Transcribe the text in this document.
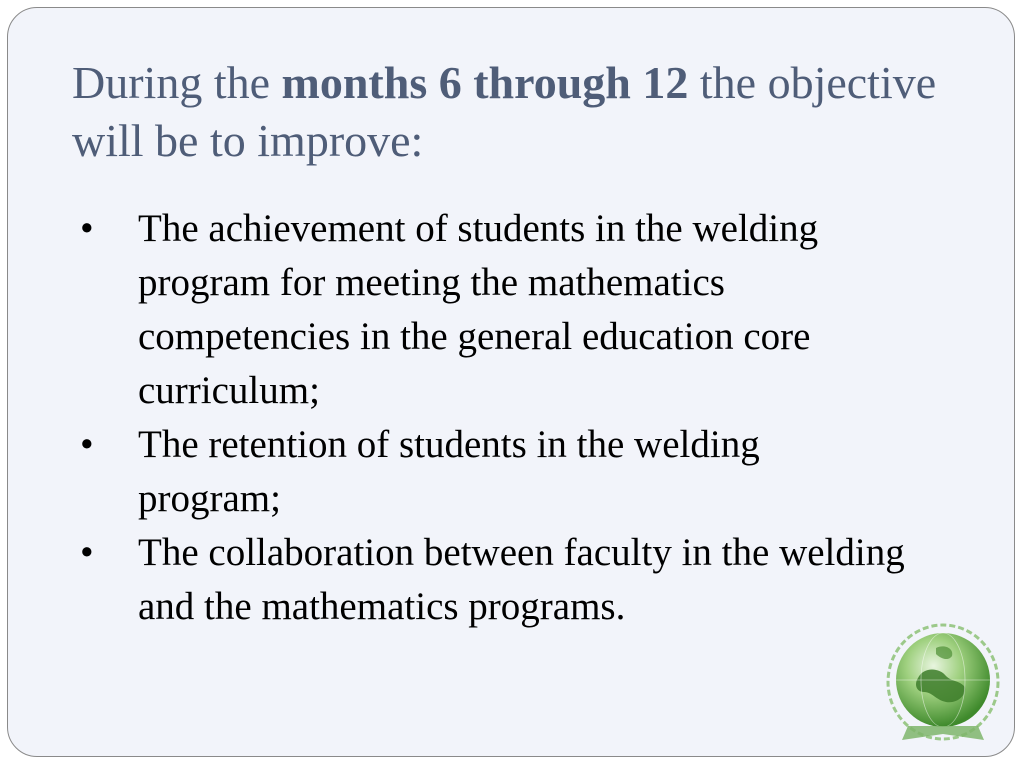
During the months 6 through 12 the objective will be to improve:
•	The achievement of students in the welding program for meeting the mathematics competencies in the general education core curriculum;
•	The retention of students in the welding program;
•	The collaboration between faculty in the welding and the mathematics programs.
